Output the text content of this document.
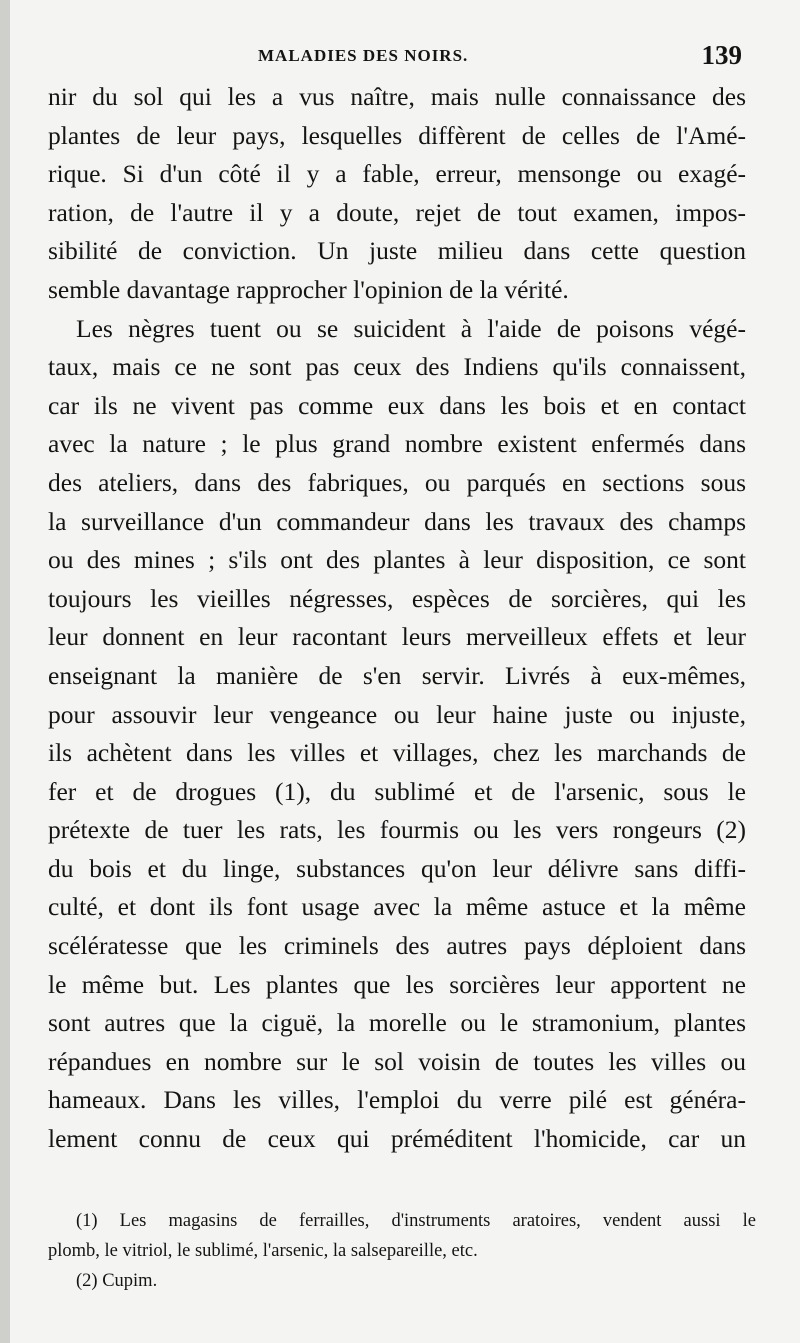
MALADIES DES NOIRS.	139
nir du sol qui les a vus naître, mais nulle connaissance des
plantes de leur pays, lesquelles diffèrent de celles de l'Amé-
rique. Si d'un côté il y a fable, erreur, mensonge ou exagé-
ration, de l'autre il y a doute, rejet de tout examen, impos-
sibilité de conviction. Un juste milieu dans cette question
semble davantage rapprocher l'opinion de la vérité.
Les nègres tuent ou se suicident à l'aide de poisons végé-
taux, mais ce ne sont pas ceux des Indiens qu'ils connaissent,
car ils ne vivent pas comme eux dans les bois et en contact
avec la nature ; le plus grand nombre existent enfermés dans
des ateliers, dans des fabriques, ou parqués en sections sous
la surveillance d'un commandeur dans les travaux des champs
ou des mines ; s'ils ont des plantes à leur disposition, ce sont
toujours les vieilles négresses, espèces de sorcières, qui les
leur donnent en leur racontant leurs merveilleux effets et leur
enseignant la manière de s'en servir. Livrés à eux-mêmes,
pour assouvir leur vengeance ou leur haine juste ou injuste,
ils achètent dans les villes et villages, chez les marchands de
fer et de drogues (1), du sublimé et de l'arsenic, sous le
prétexte de tuer les rats, les fourmis ou les vers rongeurs (2)
du bois et du linge, substances qu'on leur délivre sans diffi-
culté, et dont ils font usage avec la même astuce et la même
scélératesse que les criminels des autres pays déploient dans
le même but. Les plantes que les sorcières leur apportent ne
sont autres que la ciguë, la morelle ou le stramonium, plantes
répandues en nombre sur le sol voisin de toutes les villes ou
hameaux. Dans les villes, l'emploi du verre pilé est généra-
lement connu de ceux qui préméditent l'homicide, car un
(1) Les magasins de ferrailles, d'instruments aratoires, vendent aussi le
plomb, le vitriol, le sublimé, l'arsenic, la salsepareille, etc.
(2) Cupim.
